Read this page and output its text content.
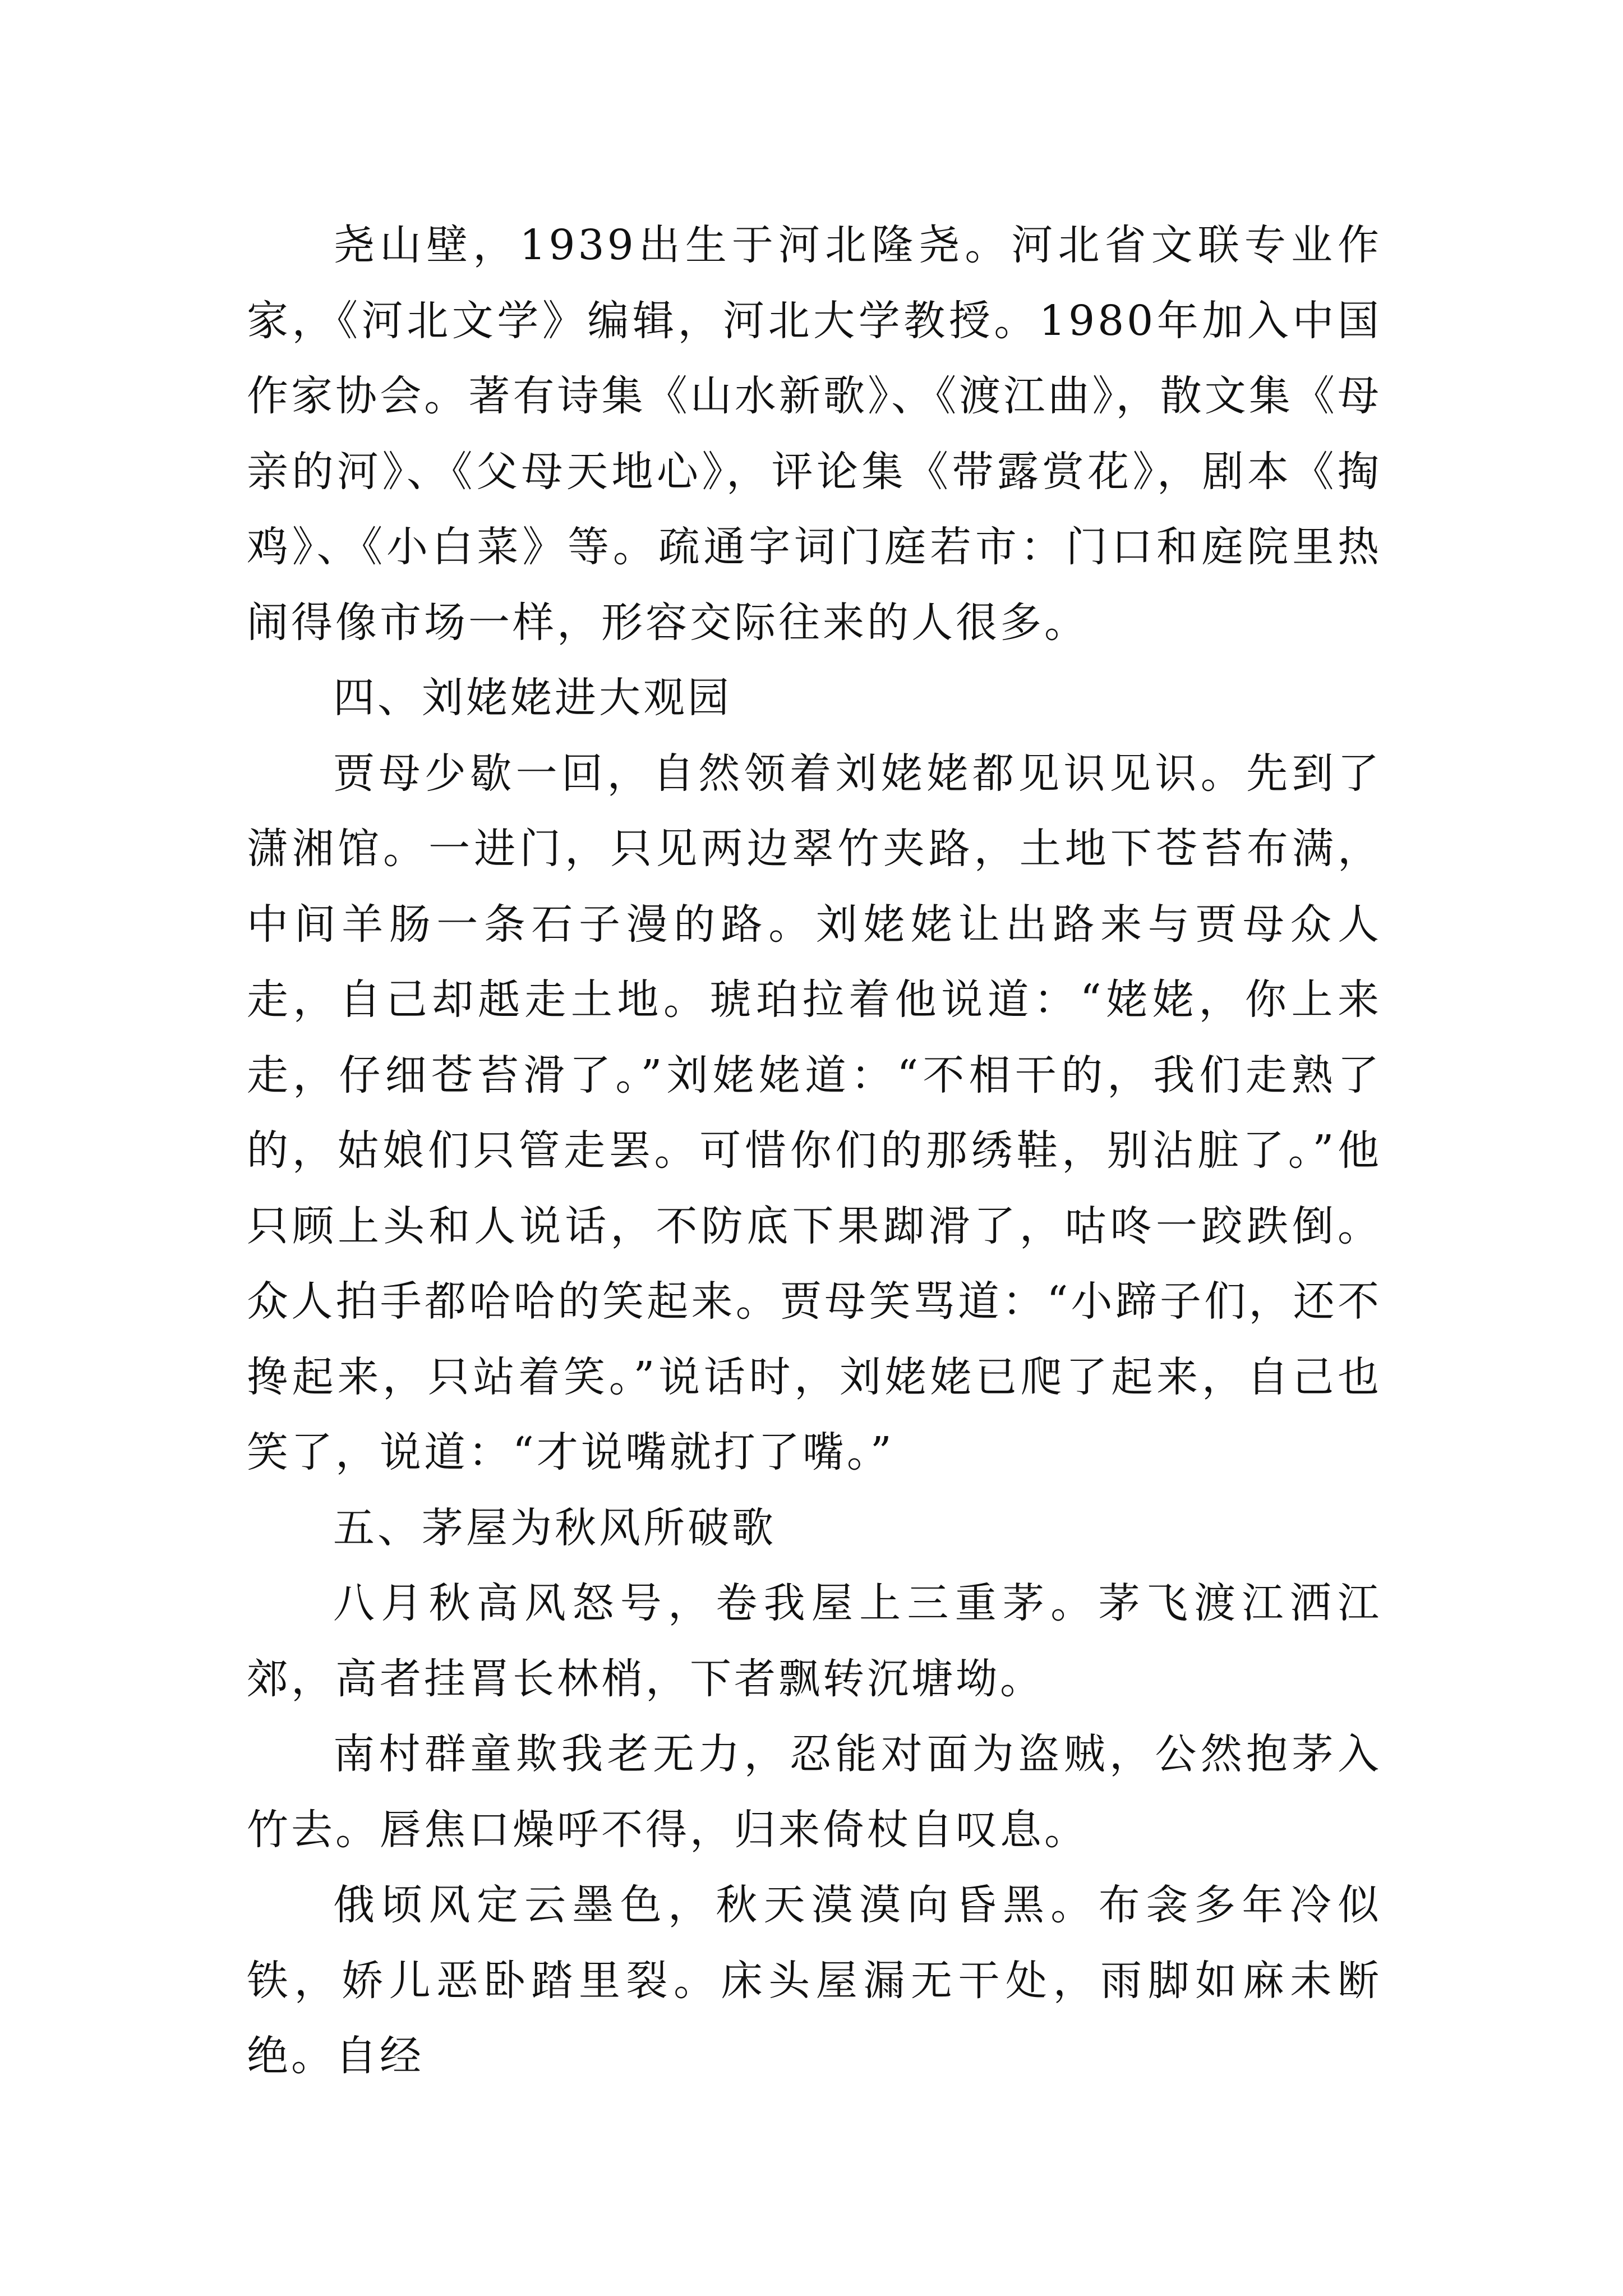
尧山壁，1939出生于河北隆尧。河北省文联专业作家，《河北文学》编辑，河北大学教授。1980年加入中国作家协会。著有诗集《山水新歌》、《渡江曲》，散文集《母亲的河》、《父母天地心》，评论集《带露赏花》，剧本《掏鸡》、《小白菜》等。疏通字词门庭若市：门口和庭院里热闹得像市场一样，形容交际往来的人很多。

四、刘姥姥进大观园

贾母少歇一回，自然领着刘姥姥都见识见识。先到了潇湘馆。一进门，只见两边翠竹夹路，土地下苍苔布满，中间羊肠一条石子漫的路。刘姥姥让出路来与贾母众人走，自己却赿走土地。琥珀拉着他说道：“姥姥，你上来走，仔细苍苔滑了。”刘姥姥道：“不相干的，我们走熟了的，姑娘们只管走罢。可惜你们的那绣鞋，别沾脏了。”他只顾上头和人说话，不防底下果踋滑了，咕咚一跤跌倒。众人拍手都哈哈的笑起来。贾母笑骂道：“小蹄子们，还不搀起来，只站着笑。”说话时，刘姥姥已爬了起来，自己也笑了，说道：“才说嘴就打了嘴。”

五、茅屋为秋风所破歌

八月秋高风怒号，卷我屋上三重茅。茅飞渡江洒江郊，高者挂罥长林梢，下者飘转沉塘坳。

南村群童欺我老无力，忍能对面为盗贼，公然抱茅入竹去。唇焦口燥呼不得，归来倚杖自叹息。

俄顷风定云墨色，秋天漠漠向昏黑。布衾多年冷似铁，娇儿恶卧踏里裂。床头屋漏无干处，雨脚如麻未断绝。自经
